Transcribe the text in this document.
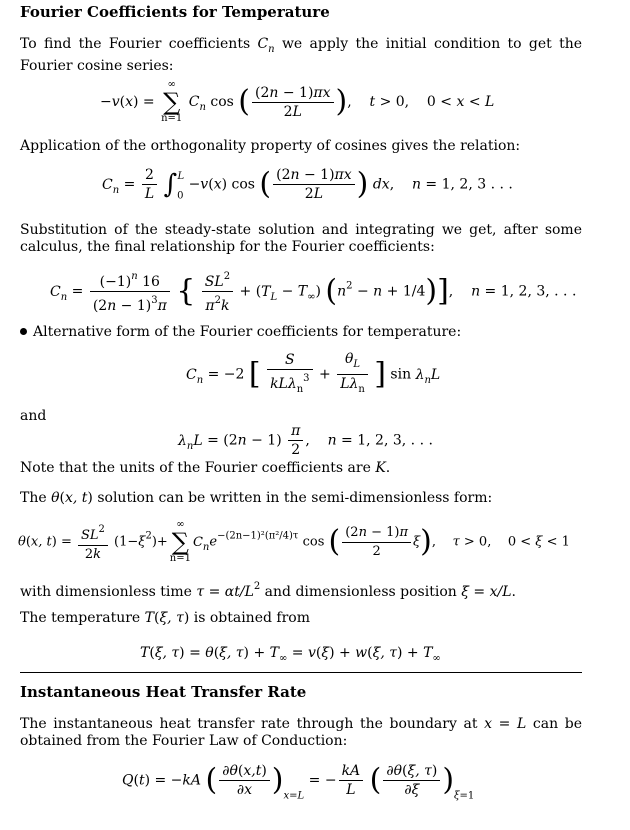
Fourier Coefficients for Temperature

To find the Fourier coefficients $C_n$ we apply the initial condition to get the Fourier cosine series:

−v(x) =
∞
∑
n=1
$C_n$ cos ( $\frac{(2n - 1)\pi x}{2L}$ ),    t > 0,    0 < x < L

Application of the orthogonality property of cosines gives the relation:

$C_n = \frac{2}{L} \int_0^L -v(x)$ cos ( $\frac{(2n - 1)\pi x}{2L}$ ) dx,    n = 1, 2, 3 . . .

Substitution of the steady-state solution and integrating we get, after some calculus, the final relationship for the Fourier coefficients:

$C_n = \frac{(-1)^n 16}{(2n - 1)^3\pi}$ { $\frac{SL^2}{\pi^2k} + (T_L - T_\infty) (n^2 - n + 1/4)$],    n = 1, 2, 3, . . .

Alternative form of the Fourier coefficients for temperature:

$C_n = -2$ [ $\frac{S}{kL\lambda_n^3} + \frac{\theta_L}{L\lambda_n}$ ] $\sin \lambda_nL$

and

$\lambda_nL = (2n - 1) \frac{\pi}{2}$ ,    n = 1, 2, 3, . . .

Note that the units of the Fourier coefficients are K.

The θ(x, t) solution can be written in the semi-dimensionless form:

θ(x, $t) = \frac{SL^2}{2k} (1-\xi^2)+$
∞
∑
n=1
$C_ne^{-(2n-1)^2(\pi^2/4)\tau}$ cos ( $\frac{(2n - 1)\pi}{2} \xi$),    τ > 0,    0 < ξ < 1

with dimensionless time $\tau = \alpha t/L^2$ and dimensionless position ξ = x/L.

The temperature T(ξ, τ) is obtained from

T(ξ, τ) = θ(ξ, $\tau) + T_\infty = v(\xi) + w(\xi$, $\tau) + T_\infty$
Instantaneous Heat Transfer Rate

The instantaneous heat transfer rate through the boundary at x = L can be obtained from the Fourier Law of Conduction:

Q(t) = −kA ( $\frac{\partial\theta(x,t)}{\partial x} )_{x=L}$ = − $\frac{kA}{L}$ ( $\frac{\partial\theta(\xi, \tau)}{\partial\xi} )_{\xi=1}$
